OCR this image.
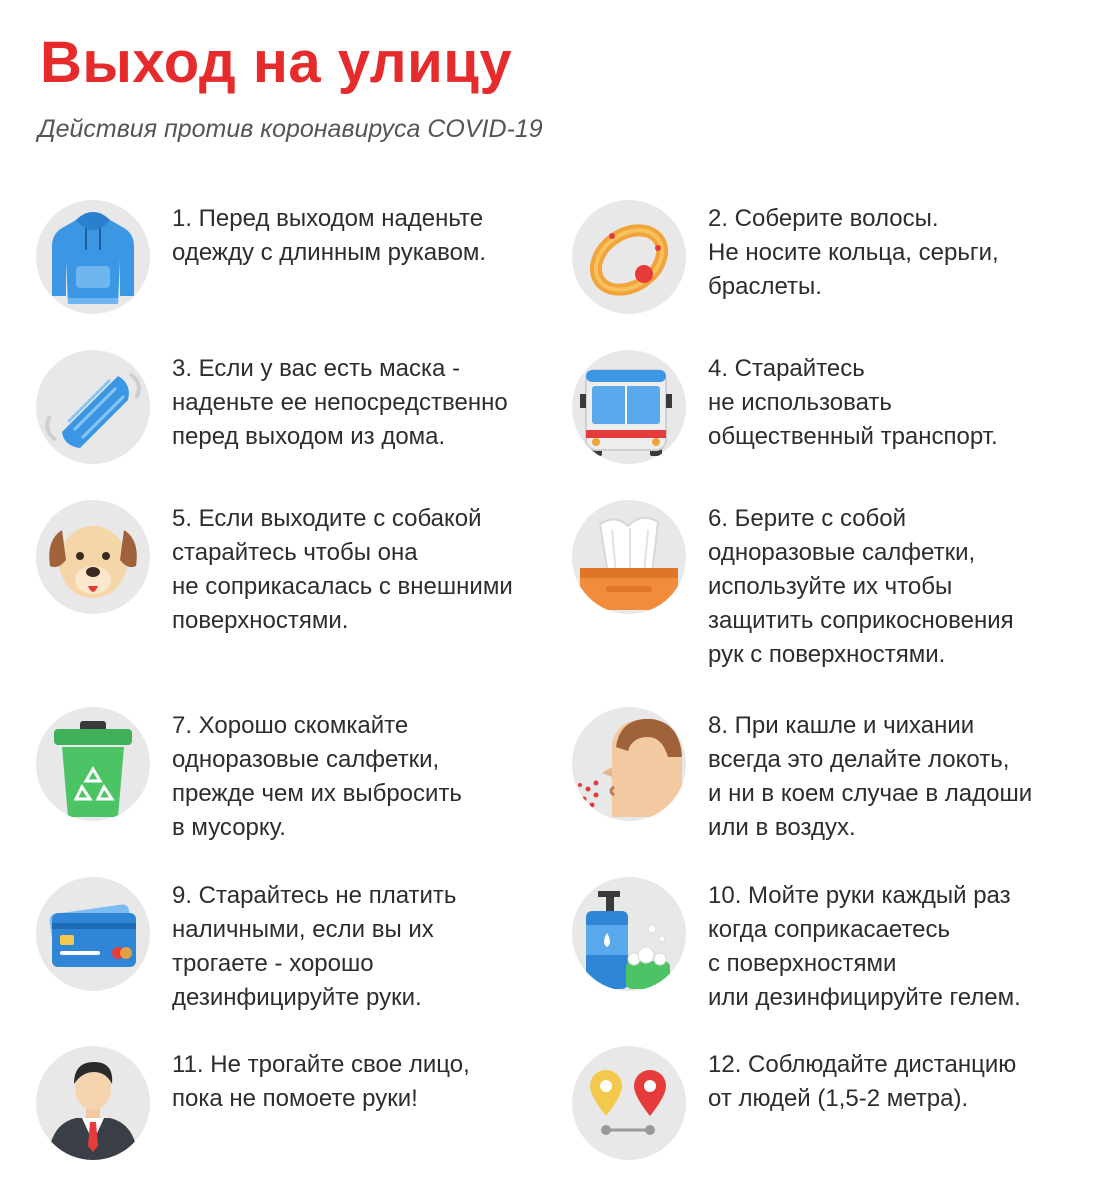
Выход на улицу

Действия против коронавируса COVID-19

1. Перед выходом наденьте
одежду с длинным рукавом.
2. Соберите волосы.
Не носите кольца, серьги,
браслеты.
3. Если у вас есть маска -
наденьте ее непосредственно
перед выходом из дома.
4. Старайтесь
не использовать
общественный транспорт.
5. Если выходите с собакой
старайтесь чтобы она
не соприкасалась с внешними
поверхностями.
6. Берите с собой
одноразовые салфетки,
используйте их чтобы
защитить соприкосновения
рук с поверхностями.
7. Хорошо скомкайте
одноразовые салфетки,
прежде чем их выбросить
в мусорку.
8. При кашле и чихании
всегда это делайте локоть,
и ни в коем случае в ладоши
или в воздух.
9. Старайтесь не платить
наличными, если вы их
трогаете - хорошо
дезинфицируйте руки.
10. Мойте руки каждый раз
когда соприкасаетесь
с поверхностями
или дезинфицируйте гелем.
11. Не трогайте свое лицо,
пока не помоете руки!
12. Соблюдайте дистанцию
от людей (1,5-2 метра).
